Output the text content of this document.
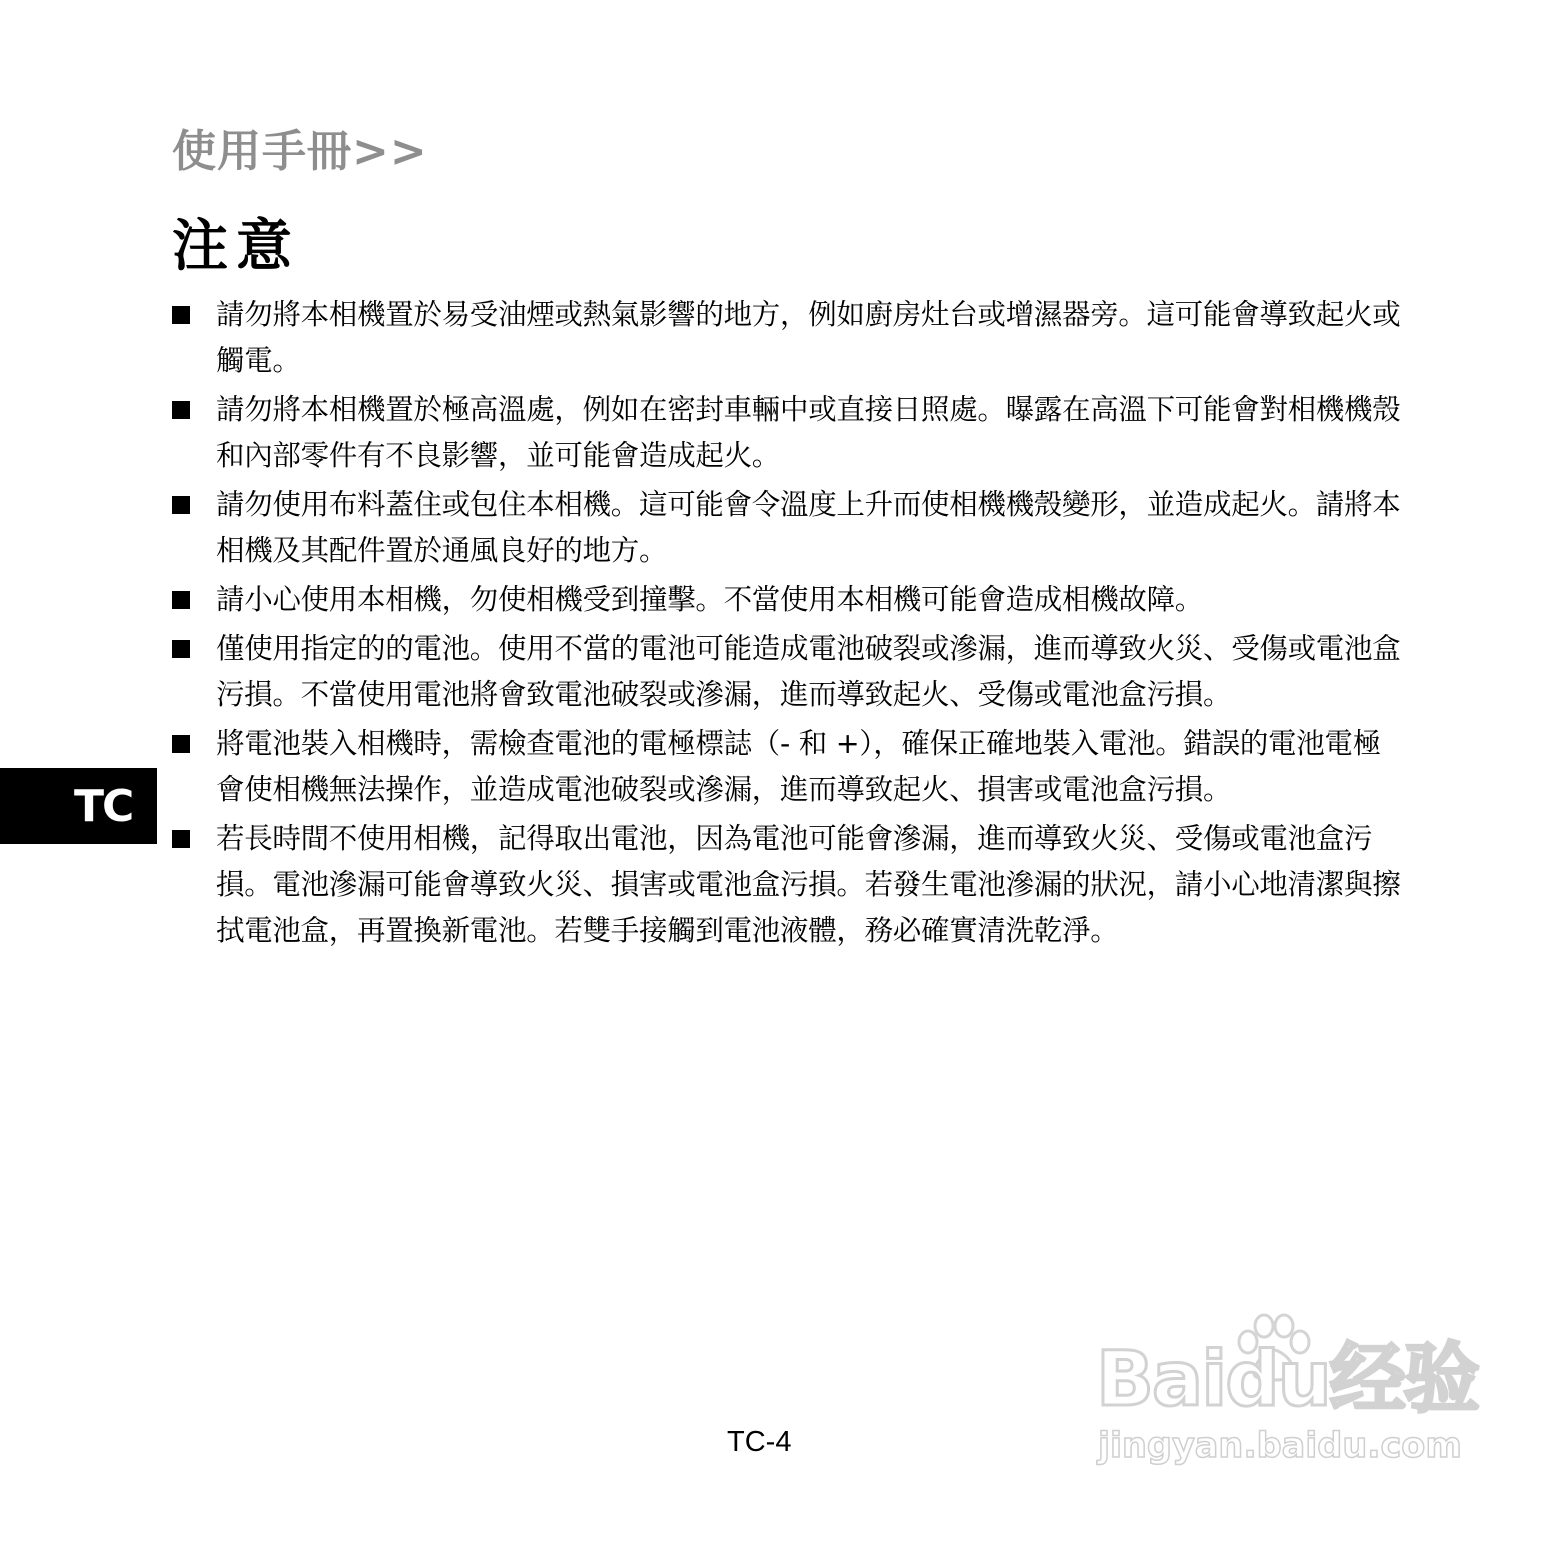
使用手冊>>
注意
請勿將本相機置於易受油煙或熱氣影響的地方，例如廚房灶台或增濕器旁。這可能會導致起火或觸電。
請勿將本相機置於極高溫處，例如在密封車輛中或直接日照處。曝露在高溫下可能會對相機機殼和內部零件有不良影響，並可能會造成起火。
請勿使用布料蓋住或包住本相機。這可能會令溫度上升而使相機機殼變形，並造成起火。請將本相機及其配件置於通風良好的地方。
請小心使用本相機，勿使相機受到撞擊。不當使用本相機可能會造成相機故障。
僅使用指定的的電池。使用不當的電池可能造成電池破裂或滲漏，進而導致火災、受傷或電池盒污損。不當使用電池將會致電池破裂或滲漏，進而導致起火、受傷或電池盒污損。
將電池裝入相機時，需檢查電池的電極標誌（- 和 +），確保正確地裝入電池。錯誤的電池電極會使相機無法操作，並造成電池破裂或滲漏，進而導致起火、損害或電池盒污損。
若長時間不使用相機，記得取出電池，因為電池可能會滲漏，進而導致火災、受傷或電池盒污損。電池滲漏可能會導致火災、損害或電池盒污損。若發生電池滲漏的狀況，請小心地清潔與擦拭電池盒，再置換新電池。若雙手接觸到電池液體，務必確實清洗乾淨。
TC
TC-4
Baidu经验
jingyan.baidu.com
